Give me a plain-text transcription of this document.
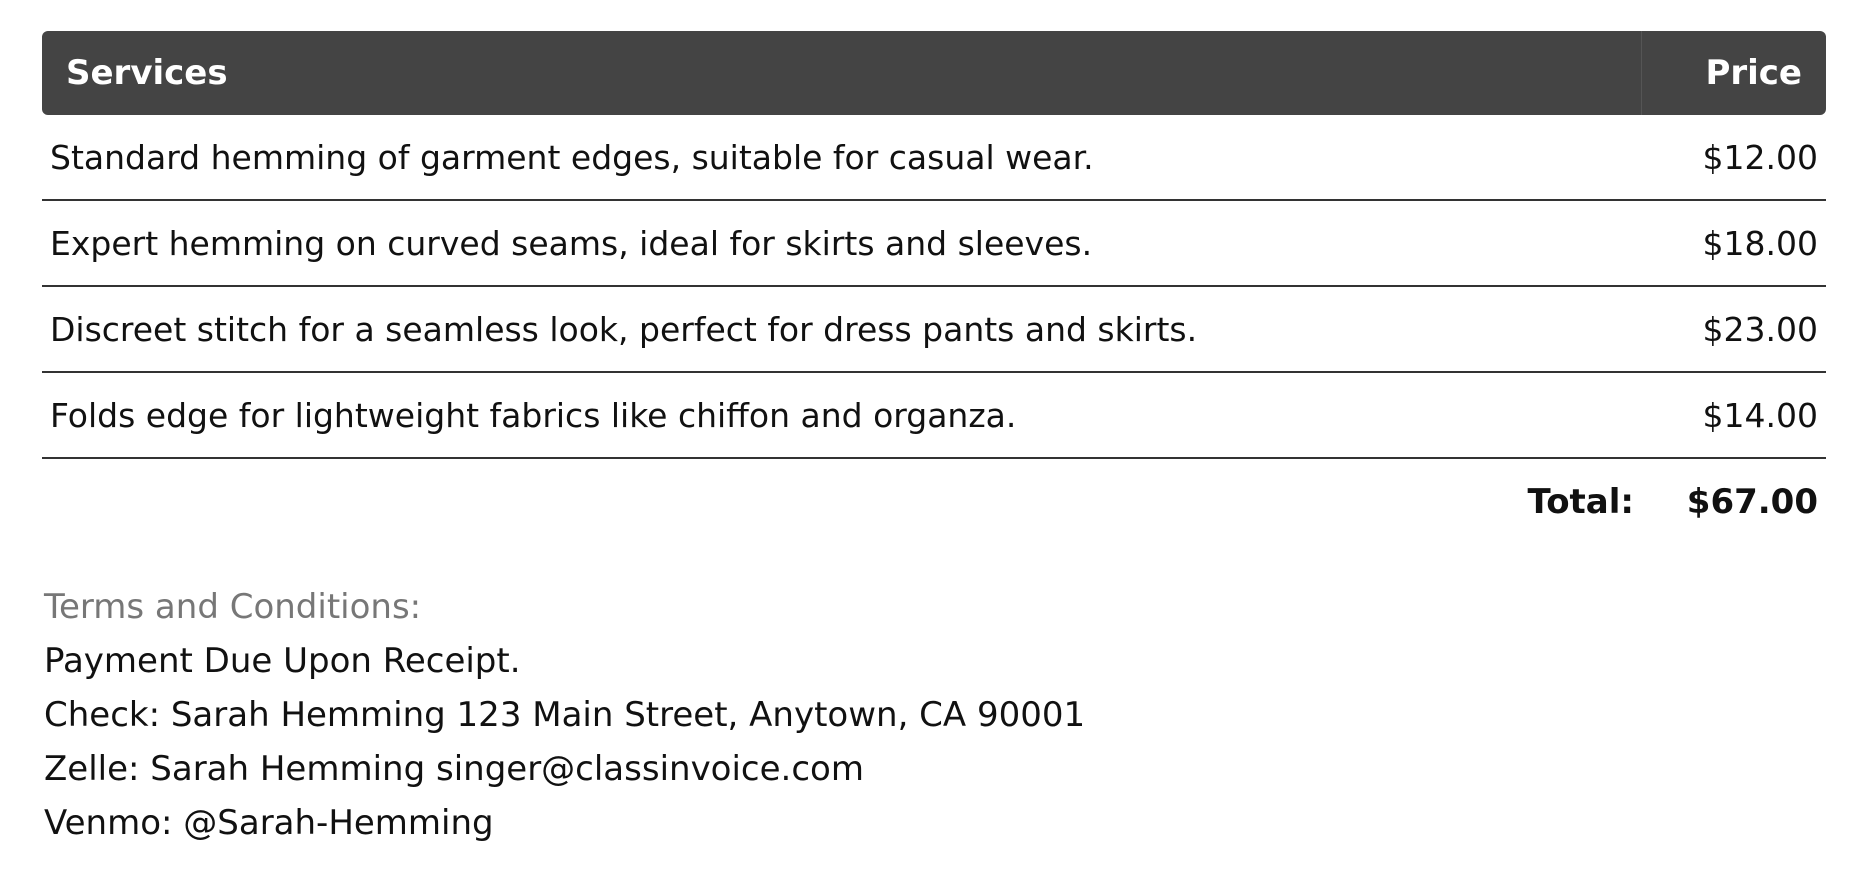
Services	Price
Standard hemming of garment edges, suitable for casual wear.	$12.00
Expert hemming on curved seams, ideal for skirts and sleeves.	$18.00
Discreet stitch for a seamless look, perfect for dress pants and skirts.	$23.00
Folds edge for lightweight fabrics like chiffon and organza.	$14.00
Total:	$67.00
Terms and Conditions:
Payment Due Upon Receipt.
Check: Sarah Hemming 123 Main Street, Anytown, CA 90001
Zelle: Sarah Hemming singer@classinvoice.com
Venmo: @Sarah-Hemming
